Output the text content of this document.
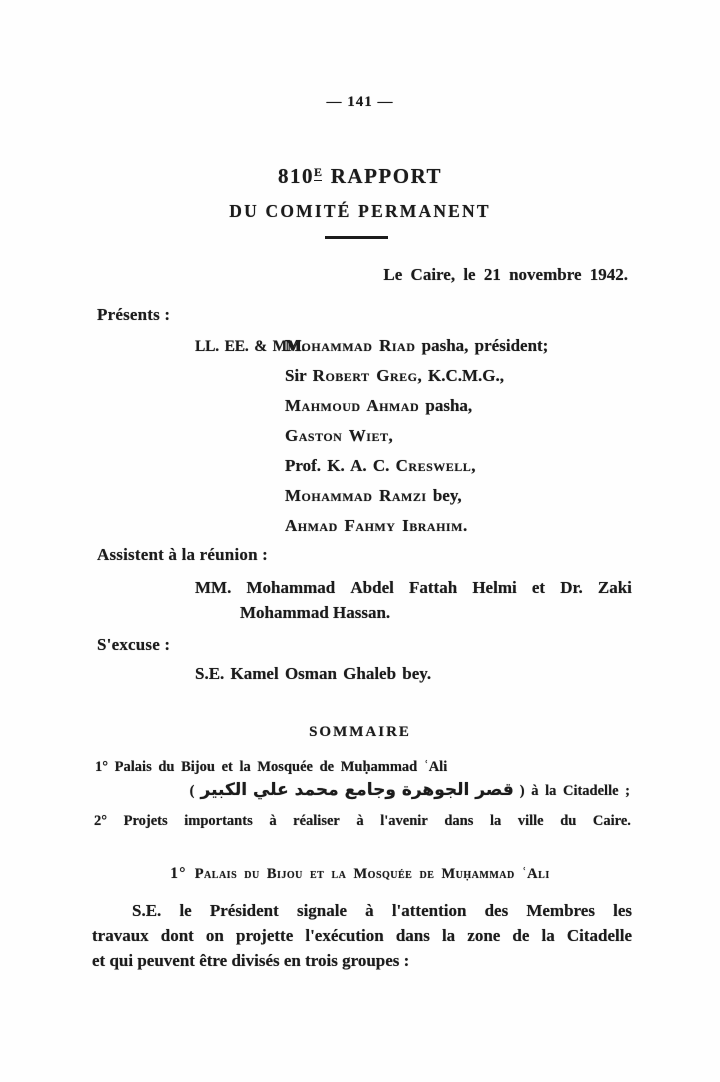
— 141 —
810E RAPPORT
DU COMITÉ PERMANENT
Le Caire, le 21 novembre 1942.
Présents :
LL. EE. & MM.Mohammad Riad pasha, président;
Sir Robert Greg, K.C.M.G.,
Mahmoud Ahmad pasha,
Gaston Wiet,
Prof. K. A. C. Creswell,
Mohammad Ramzi bey,
Ahmad Fahmy Ibrahim.
Assistent à la réunion :
MM. Mohammad Abdel Fattah Helmi et Dr. Zaki
Mohammad Hassan.
S'excuse :
S.E. Kamel Osman Ghaleb bey.
SOMMAIRE
1° Palais du Bijou et la Mosquée de Muḥammad ʿAli
( قصر الجوهرة وجامع محمد علي الكبير ) à la Citadelle ;
2° Projets importants à réaliser à l'avenir dans la ville du Caire.
1° Palais du Bijou et la Mosquée de Muḥammad ʿAli
S.E. le Président signale à l'attention des Membres les
travaux dont on projette l'exécution dans la zone de la Citadelle
et qui peuvent être divisés en trois groupes :
